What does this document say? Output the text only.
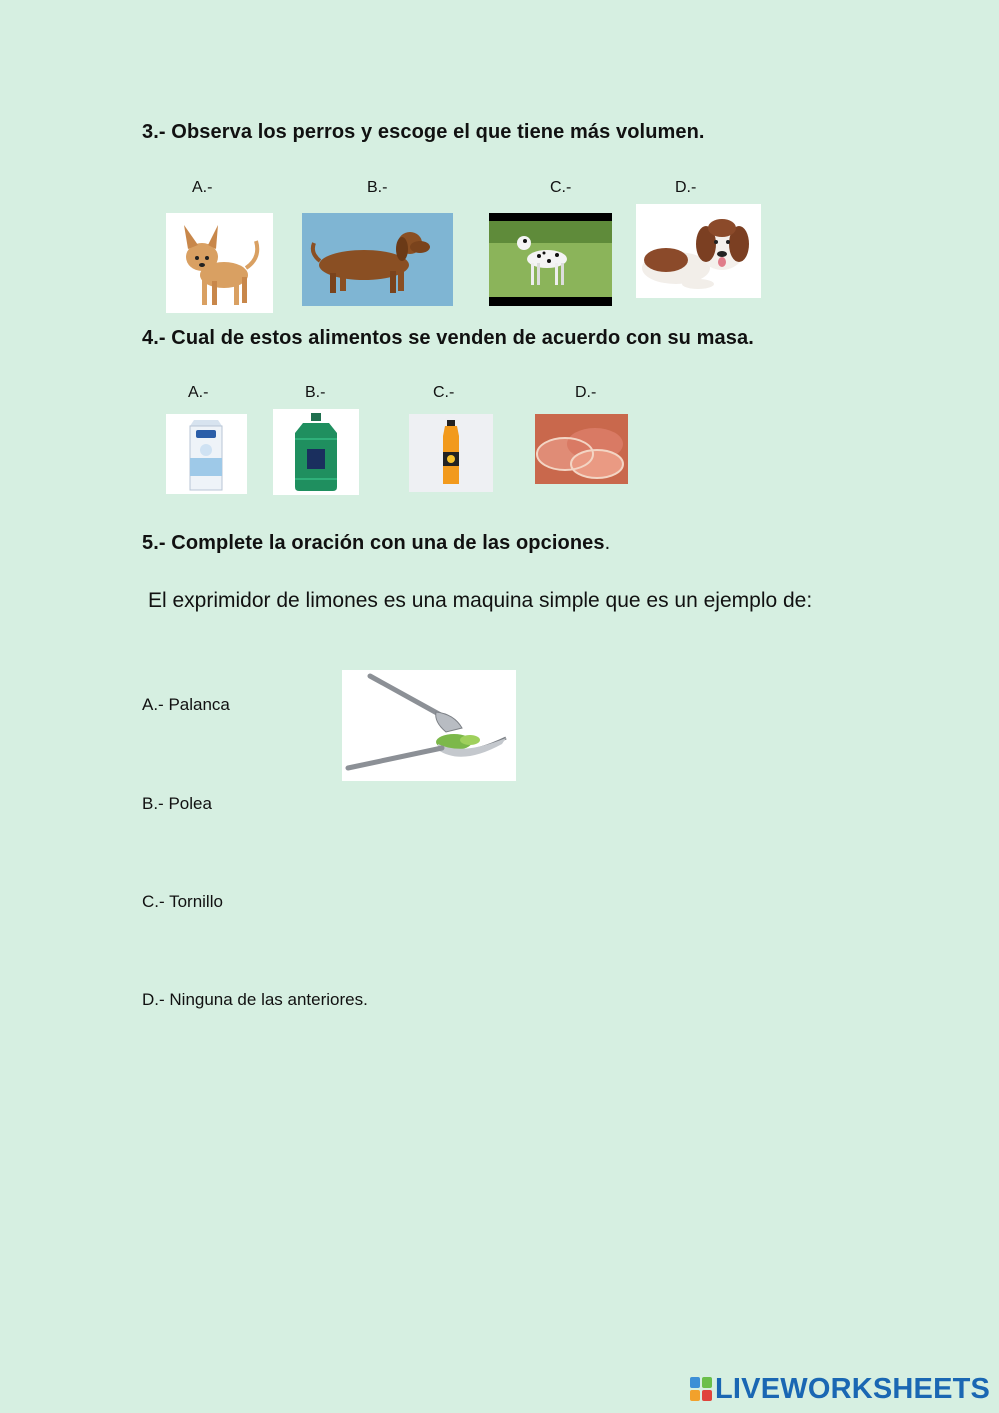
3.- Observa los perros y escoge el que tiene más volumen.
A.-	B.-	C.-	D.-
4.- Cual de estos alimentos se venden de acuerdo con su masa.
A.-	B.-	C.-	D.-
5.- Complete la oración con una de las opciones.
El exprimidor de limones es una maquina simple que es un ejemplo de:
A.- Palanca
B.- Polea
C.- Tornillo
D.- Ninguna de las anteriores.
LIVEWORKSHEETS
